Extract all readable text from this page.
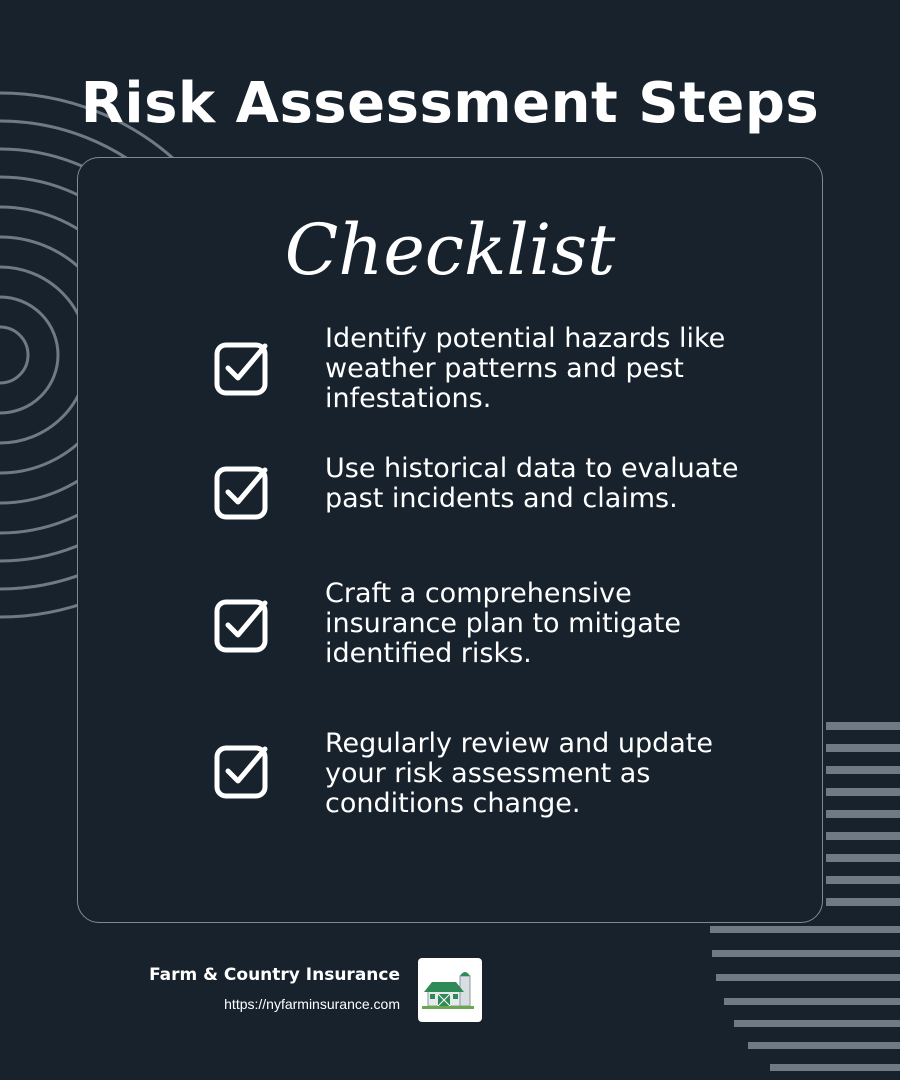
Risk Assessment Steps
Checklist
Identify potential hazards like weather patterns and pest infestations.
Use historical data to evaluate past incidents and claims.
Craft a comprehensive insurance plan to mitigate identified risks.
Regularly review and update your risk assessment as conditions change.
Farm & Country Insurance
https://nyfarminsurance.com
